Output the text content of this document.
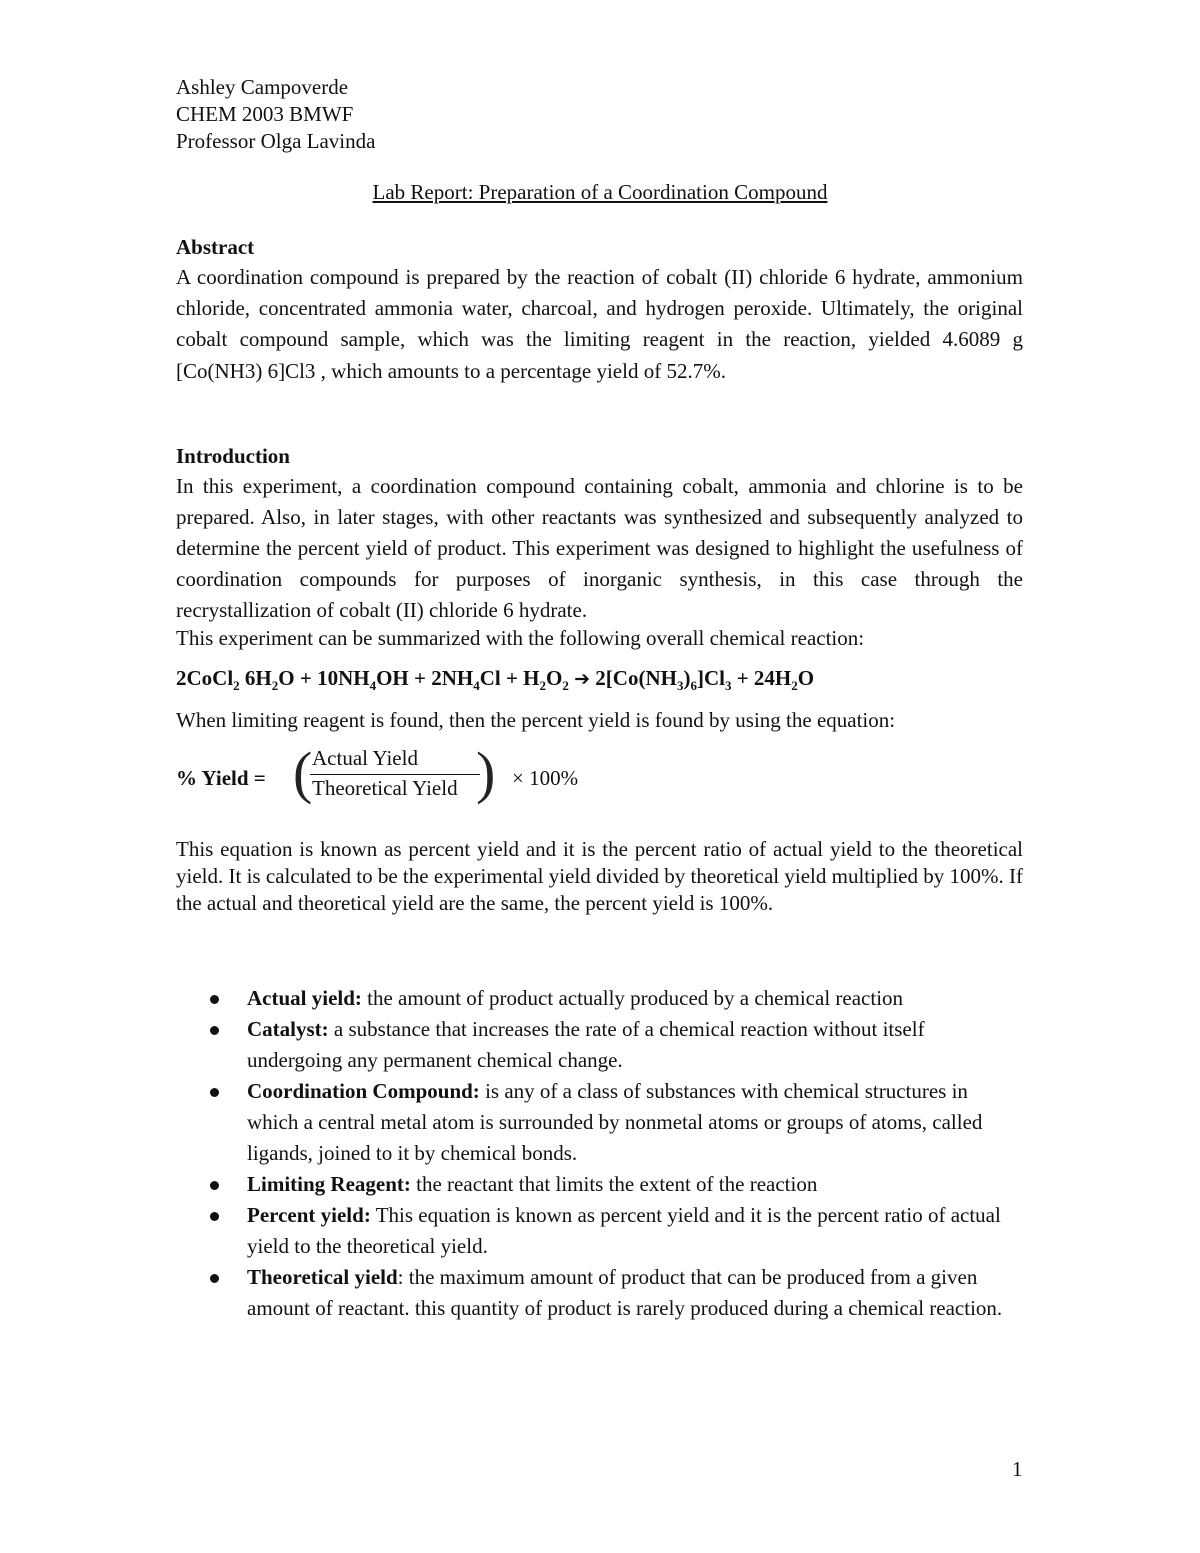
Ashley Campoverde
CHEM 2003 BMWF
Professor Olga Lavinda
Lab Report: Preparation of a Coordination Compound
Abstract

A coordination compound is prepared by the reaction of cobalt (II) chloride 6 hydrate, ammonium chloride, concentrated ammonia water, charcoal, and hydrogen peroxide. Ultimately, the original cobalt compound sample, which was the limiting reagent in the reaction, yielded 4.6089 g [Co(NH3) 6]Cl3 , which amounts to a percentage yield of 52.7%.

Introduction

In this experiment, a coordination compound containing cobalt, ammonia and chlorine is to be prepared. Also, in later stages, with other reactants was synthesized and subsequently analyzed to determine the percent yield of product. This experiment was designed to highlight the usefulness of coordination compounds for purposes of inorganic synthesis, in this case through the recrystallization of cobalt (II) chloride 6 hydrate.

This experiment can be summarized with the following overall chemical reaction:
2CoCl$_2$ $6H_2O + 10NH_4OH + 2NH_4Cl + H_2O_2$ ➔ $2[Co(NH_3)_6]Cl_3 + 24H_2O$
When limiting reagent is found, then the percent yield is found by using the equation:
% Yield = ( Actual Yield
Theoretical Yield ) × 100%

This equation is known as percent yield and it is the percent ratio of actual yield to the theoretical yield. It is calculated to be the experimental yield divided by theoretical yield multiplied by 100%. If the actual and theoretical yield are the same, the percent yield is 100%.

Actual yield: the amount of product actually produced by a chemical reaction
Catalyst: a substance that increases the rate of a chemical reaction without itself undergoing any permanent chemical change.
Coordination Compound: is any of a class of substances with chemical structures in which a central metal atom is surrounded by nonmetal atoms or groups of atoms, called ligands, joined to it by chemical bonds.
Limiting Reagent: the reactant that limits the extent of the reaction
Percent yield: This equation is known as percent yield and it is the percent ratio of actual yield to the theoretical yield.
Theoretical yield: the maximum amount of product that can be produced from a given amount of reactant. this quantity of product is rarely produced during a chemical reaction.
1
